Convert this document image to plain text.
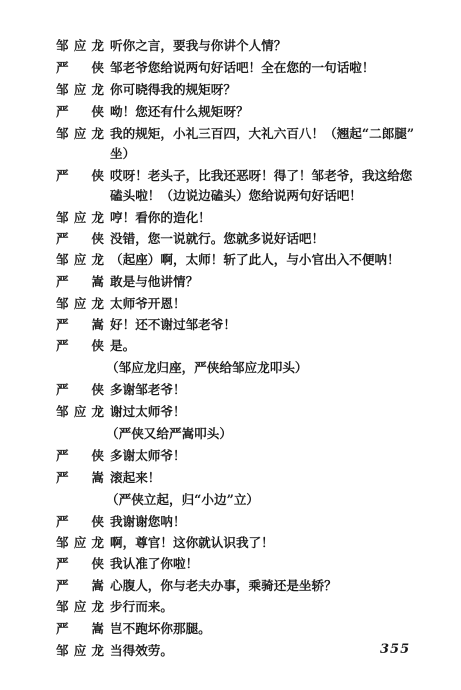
邹应龙 听你之言，要我与你讲个人情？
严　侠 邹老爷您给说两句好话吧！全在您的一句话啦！
邹应龙 你可晓得我的规矩呀？
严　侠 呦！您还有什么规矩呀？
邹应龙 我的规矩，小礼三百四，大礼六百八！（翘起“二郎腿”
坐）
严　侠 哎呀！老头子，比我还恶呀！得了！邹老爷，我这给您
磕头啦！（边说边磕头）您给说两句好话吧！
邹应龙 哼！看你的造化！
严　侠 没错，您一说就行。您就多说好话吧！
邹应龙 （起座）啊，太师！斩了此人，与小官出入不便呐！
严　嵩 敢是与他讲情？
邹应龙 太师爷开恩！
严　嵩 好！还不谢过邹老爷！
严　侠 是。
（邹应龙归座，严侠给邹应龙叩头）
严　侠 多谢邹老爷！
邹应龙 谢过太师爷！
（严侠又给严嵩叩头）
严　侠 多谢太师爷！
严　嵩 滚起来！
（严侠立起，归“小边”立）
严　侠 我谢谢您呐！
邹应龙 啊，尊官！这你就认识我了！
严　侠 我认准了你啦！
严　嵩 心腹人，你与老夫办事，乘骑还是坐轿？
邹应龙 步行而来。
严　嵩 岂不跑坏你那腿。
邹应龙 当得效劳。	355
